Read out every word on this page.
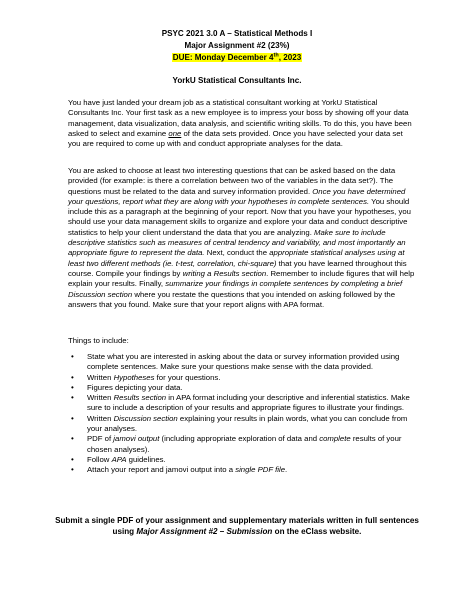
PSYC 2021 3.0 A – Statistical Methods I
Major Assignment #2 (23%)
DUE: Monday December 4th, 2023
YorkU Statistical Consultants Inc.
You have just landed your dream job as a statistical consultant working at YorkU Statistical Consultants Inc. Your first task as a new employee is to impress your boss by showing off your data management, data visualization, data analysis, and scientific writing skills. To do this, you have been asked to select and examine one of the data sets provided. Once you have selected your data set you are required to come up with and conduct appropriate analyses for the data.
You are asked to choose at least two interesting questions that can be asked based on the data provided (for example: is there a correlation between two of the variables in the data set?). The questions must be related to the data and survey information provided. Once you have determined your questions, report what they are along with your hypotheses in complete sentences. You should include this as a paragraph at the beginning of your report. Now that you have your hypotheses, you should use your data management skills to organize and explore your data and conduct descriptive statistics to help your client understand the data that you are analyzing. Make sure to include descriptive statistics such as measures of central tendency and variability, and most importantly an appropriate figure to represent the data. Next, conduct the appropriate statistical analyses using at least two different methods (ie. t-test, correlation, chi-square) that you have learned throughout this course. Compile your findings by writing a Results section. Remember to include figures that will help explain your results. Finally, summarize your findings in complete sentences by completing a brief Discussion section where you restate the questions that you intended on asking followed by the answers that you found. Make sure that your report aligns with APA format.
Things to include:
• State what you are interested in asking about the data or survey information provided using complete sentences. Make sure your questions make sense with the data provided.
• Written Hypotheses for your questions.
• Figures depicting your data.
• Written Results section in APA format including your descriptive and inferential statistics. Make sure to include a description of your results and appropriate figures to illustrate your findings.
• Written Discussion section explaining your results in plain words, what you can conclude from your analyses.
• PDF of jamovi output (including appropriate exploration of data and complete results of your chosen analyses).
• Follow APA guidelines.
• Attach your report and jamovi output into a single PDF file.
Submit a single PDF of your assignment and supplementary materials written in full sentences using Major Assignment #2 – Submission on the eClass website.
